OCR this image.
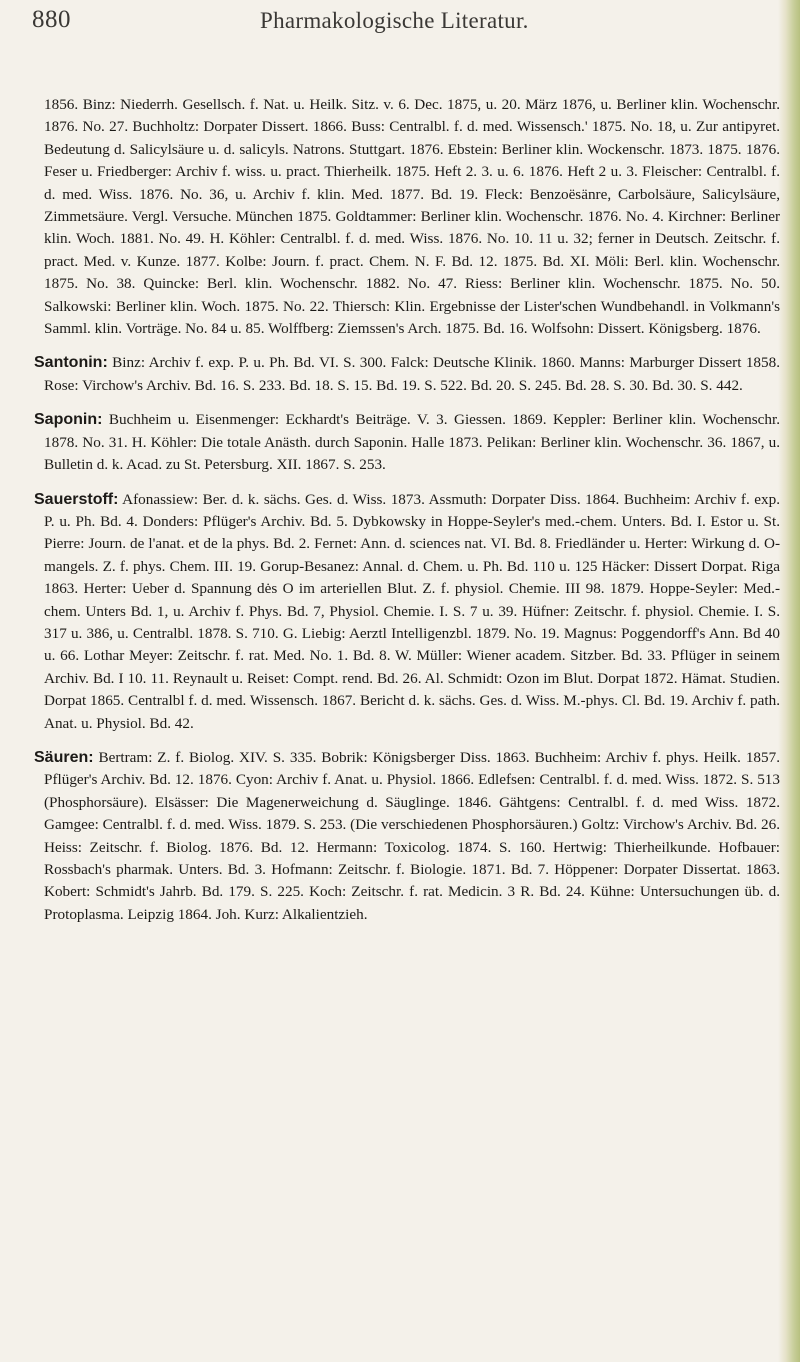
880	Pharmakologische Literatur.

1856. Binz: Niederrh. Gesellsch. f. Nat. u. Heilk. Sitz. v. 6. Dec. 1875, u. 20. März 1876, u. Berliner klin. Wochenschr. 1876. No. 27. Buchholtz: Dorpater Dissert. 1866. Buss: Centralbl. f. d. med. Wissensch.' 1875. No. 18, u. Zur antipyret. Bedeutung d. Salicylsäure u. d. salicyls. Natrons. Stuttgart. 1876. Ebstein: Berliner klin. Wockenschr. 1873. 1875. 1876. Feser u. Friedberger: Archiv f. wiss. u. pract. Thierheilk. 1875. Heft 2. 3. u. 6. 1876. Heft 2 u. 3. Fleischer: Centralbl. f. d. med. Wiss. 1876. No. 36, u. Archiv f. klin. Med. 1877. Bd. 19. Fleck: Benzoësänre, Carbolsäure, Salicylsäure, Zimmetsäure. Vergl. Versuche. München 1875. Goldtammer: Berliner klin. Wochenschr. 1876. No. 4. Kirchner: Berliner klin. Woch. 1881. No. 49. H. Köhler: Centralbl. f. d. med. Wiss. 1876. No. 10. 11 u. 32; ferner in Deutsch. Zeitschr. f. pract. Med. v. Kunze. 1877. Kolbe: Journ. f. pract. Chem. N. F. Bd. 12. 1875. Bd. XI. Möli: Berl. klin. Wochenschr. 1875. No. 38. Quincke: Berl. klin. Wochenschr. 1882. No. 47. Riess: Berliner klin. Wochenschr. 1875. No. 50. Salkowski: Berliner klin. Woch. 1875. No. 22. Thiersch: Klin. Ergebnisse der Lister'schen Wundbehandl. in Volkmann's Samml. klin. Vorträge. No. 84 u. 85. Wolffberg: Ziemssen's Arch. 1875. Bd. 16. Wolfsohn: Dissert. Königsberg. 1876.

Santonin: Binz: Archiv f. exp. P. u. Ph. Bd. VI. S. 300. Falck: Deutsche Klinik. 1860. Manns: Marburger Dissert 1858. Rose: Virchow's Archiv. Bd. 16. S. 233. Bd. 18. S. 15. Bd. 19. S. 522. Bd. 20. S. 245. Bd. 28. S. 30. Bd. 30. S. 442.

Saponin: Buchheim u. Eisenmenger: Eckhardt's Beiträge. V. 3. Giessen. 1869. Keppler: Berliner klin. Wochenschr. 1878. No. 31. H. Köhler: Die totale Anästh. durch Saponin. Halle 1873. Pelikan: Berliner klin. Wochenschr. 36. 1867, u. Bulletin d. k. Acad. zu St. Petersburg. XII. 1867. S. 253.

Sauerstoff: Afonassiew: Ber. d. k. sächs. Ges. d. Wiss. 1873. Assmuth: Dorpater Diss. 1864. Buchheim: Archiv f. exp. P. u. Ph. Bd. 4. Donders: Pflüger's Archiv. Bd. 5. Dybkowsky in Hoppe-Seyler's med.-chem. Unters. Bd. I. Estor u. St. Pierre: Journ. de l'anat. et de la phys. Bd. 2. Fernet: Ann. d. sciences nat. VI. Bd. 8. Friedländer u. Herter: Wirkung d. O-mangels. Z. f. phys. Chem. III. 19. Gorup-Besanez: Annal. d. Chem. u. Ph. Bd. 110 u. 125 Häcker: Dissert Dorpat. Riga 1863. Herter: Ueber d. Spannung dės O im arteriellen Blut. Z. f. physiol. Chemie. III 98. 1879. Hoppe-Seyler: Med.-chem. Unters Bd. 1, u. Archiv f. Phys. Bd. 7, Physiol. Chemie. I. S. 7 u. 39. Hüfner: Zeitschr. f. physiol. Chemie. I. S. 317 u. 386, u. Centralbl. 1878. S. 710. G. Liebig: Aerztl Intelligenzbl. 1879. No. 19. Magnus: Poggendorff's Ann. Bd 40 u. 66. Lothar Meyer: Zeitschr. f. rat. Med. No. 1. Bd. 8. W. Müller: Wiener academ. Sitzber. Bd. 33. Pflüger in seinem Archiv. Bd. I 10. 11. Reynault u. Reiset: Compt. rend. Bd. 26. Al. Schmidt: Ozon im Blut. Dorpat 1872. Hämat. Studien. Dorpat 1865. Centralbl f. d. med. Wissensch. 1867. Bericht d. k. sächs. Ges. d. Wiss. M.-phys. Cl. Bd. 19. Archiv f. path. Anat. u. Physiol. Bd. 42.

Säuren: Bertram: Z. f. Biolog. XIV. S. 335. Bobrik: Königsberger Diss. 1863. Buchheim: Archiv f. phys. Heilk. 1857. Pflüger's Archiv. Bd. 12. 1876. Cyon: Archiv f. Anat. u. Physiol. 1866. Edlefsen: Centralbl. f. d. med. Wiss. 1872. S. 513 (Phosphorsäure). Elsässer: Die Magenerweichung d. Säuglinge. 1846. Gähtgens: Centralbl. f. d. med Wiss. 1872. Gamgee: Centralbl. f. d. med. Wiss. 1879. S. 253. (Die verschiedenen Phosphorsäuren.) Goltz: Virchow's Archiv. Bd. 26. Heiss: Zeitschr. f. Biolog. 1876. Bd. 12. Hermann: Toxicolog. 1874. S. 160. Hertwig: Thierheilkunde. Hofbauer: Rossbach's pharmak. Unters. Bd. 3. Hofmann: Zeitschr. f. Biologie. 1871. Bd. 7. Höppener: Dorpater Dissertat. 1863. Kobert: Schmidt's Jahrb. Bd. 179. S. 225. Koch: Zeitschr. f. rat. Medicin. 3 R. Bd. 24. Kühne: Untersuchungen üb. d. Protoplasma. Leipzig 1864. Joh. Kurz: Alkalientzieh.
